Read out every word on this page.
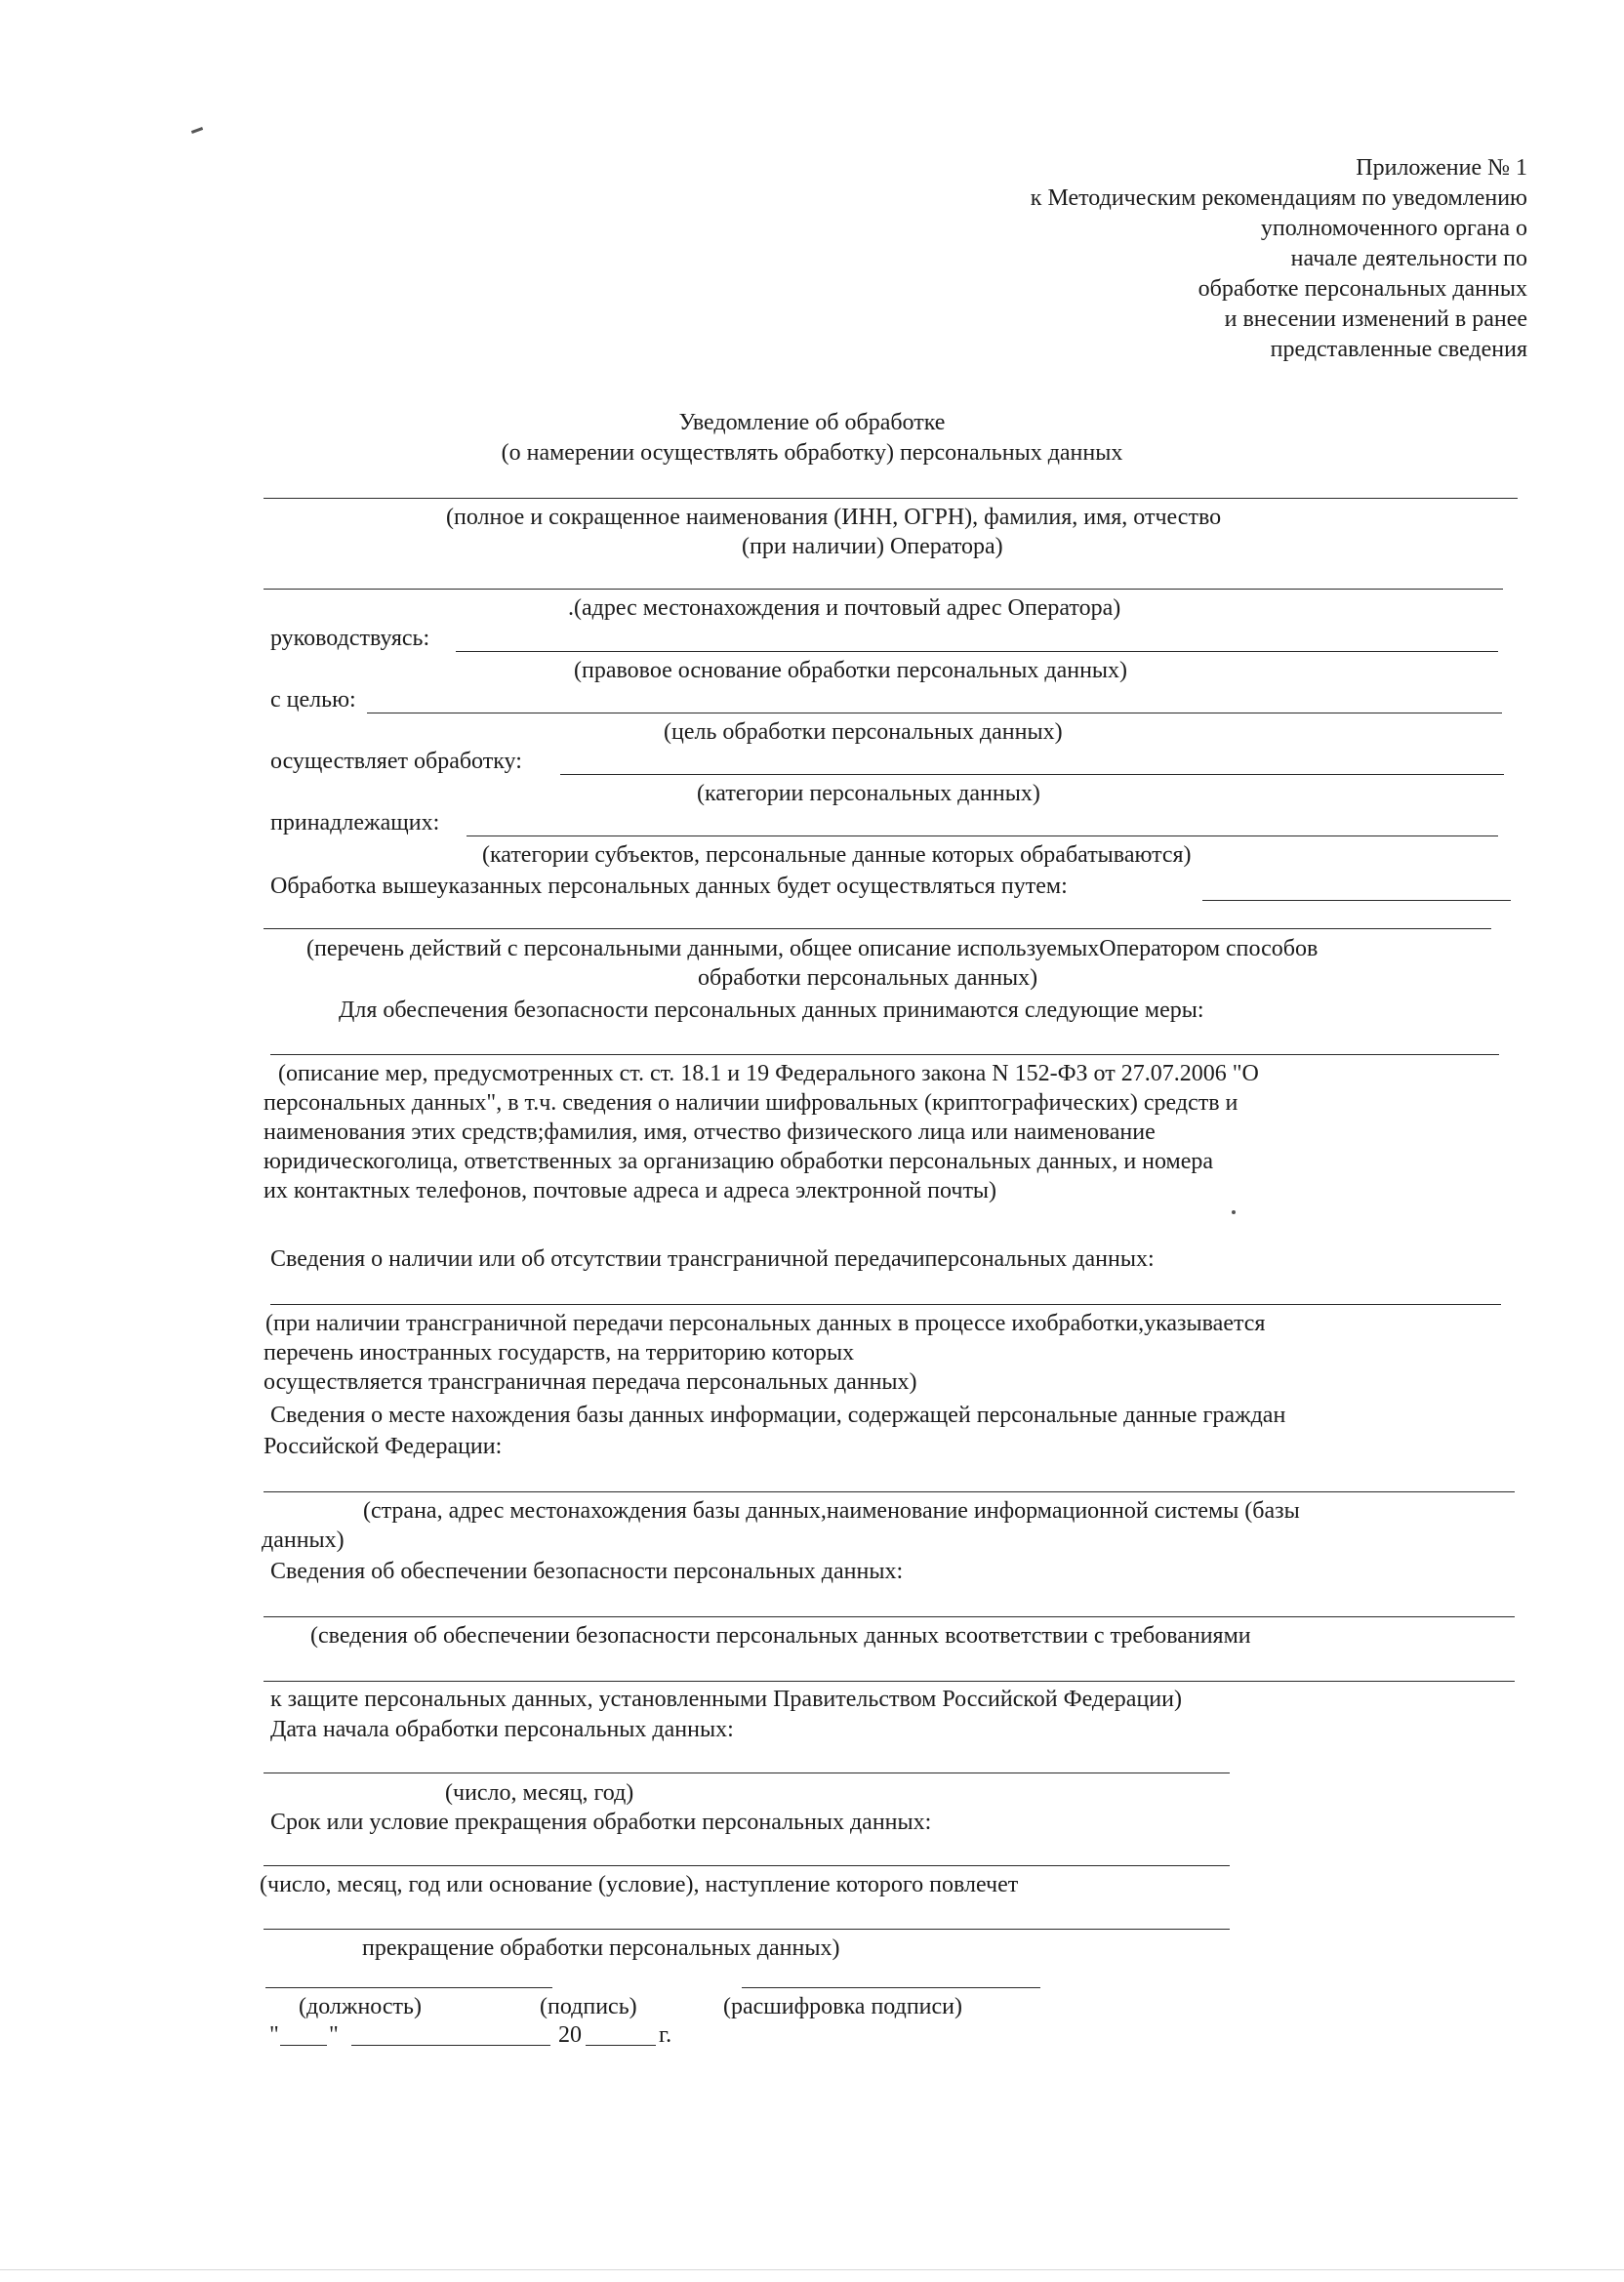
Приложение № 1
к Методическим рекомендациям по уведомлению
уполномоченного органа о
начале деятельности по
обработке персональных данных
и внесении изменений в ранее
представленные сведения
Уведомление об обработке
(о намерении осуществлять обработку) персональных данных
(полное и сокращенное наименования (ИНН, ОГРН), фамилия, имя, отчество
(при наличии) Оператора)
.(адрес местонахождения и почтовый адрес Оператора)
руководствуясь:
(правовое основание обработки персональных данных)
с целью:
(цель обработки персональных данных)
осуществляет обработку:
(категории персональных данных)
принадлежащих:
(категории субъектов, персональные данные которых обрабатываются)
Обработка вышеуказанных персональных данных будет осуществляться путем:
(перечень действий с персональными данными, общее описание используемыхОператором способов
обработки персональных данных)
Для обеспечения безопасности персональных данных принимаются следующие меры:
(описание мер, предусмотренных ст. ст. 18.1 и 19 Федерального закона N 152-ФЗ от 27.07.2006 "О
персональных данных", в т.ч. сведения о наличии шифровальных (криптографических) средств и
наименования этих средств;фамилия, имя, отчество физического лица или наименование
юридическоголица, ответственных за организацию обработки персональных данных, и номера
их контактных телефонов, почтовые адреса и адреса электронной почты)
Сведения о наличии или об отсутствии трансграничной передачиперсональных данных:
(при наличии трансграничной передачи персональных данных в процессе ихобработки,указывается
перечень иностранных государств, на территорию которых
осуществляется трансграничная передача персональных данных)
Сведения о месте нахождения базы данных информации, содержащей персональные данные граждан
Российской Федерации:
(страна, адрес местонахождения базы данных,наименование информационной системы (базы
данных)
Сведения об обеспечении безопасности персональных данных:
(сведения об обеспечении безопасности персональных данных всоответствии с требованиями
к защите персональных данных, установленными Правительством Российской Федерации)
Дата начала обработки персональных данных:
(число, месяц, год)
Срок или условие прекращения обработки персональных данных:
(число, месяц, год или основание (условие), наступление которого повлечет
прекращение обработки персональных данных)
(должность)	(подпись)	(расшифровка подписи)
" "	20	г.
